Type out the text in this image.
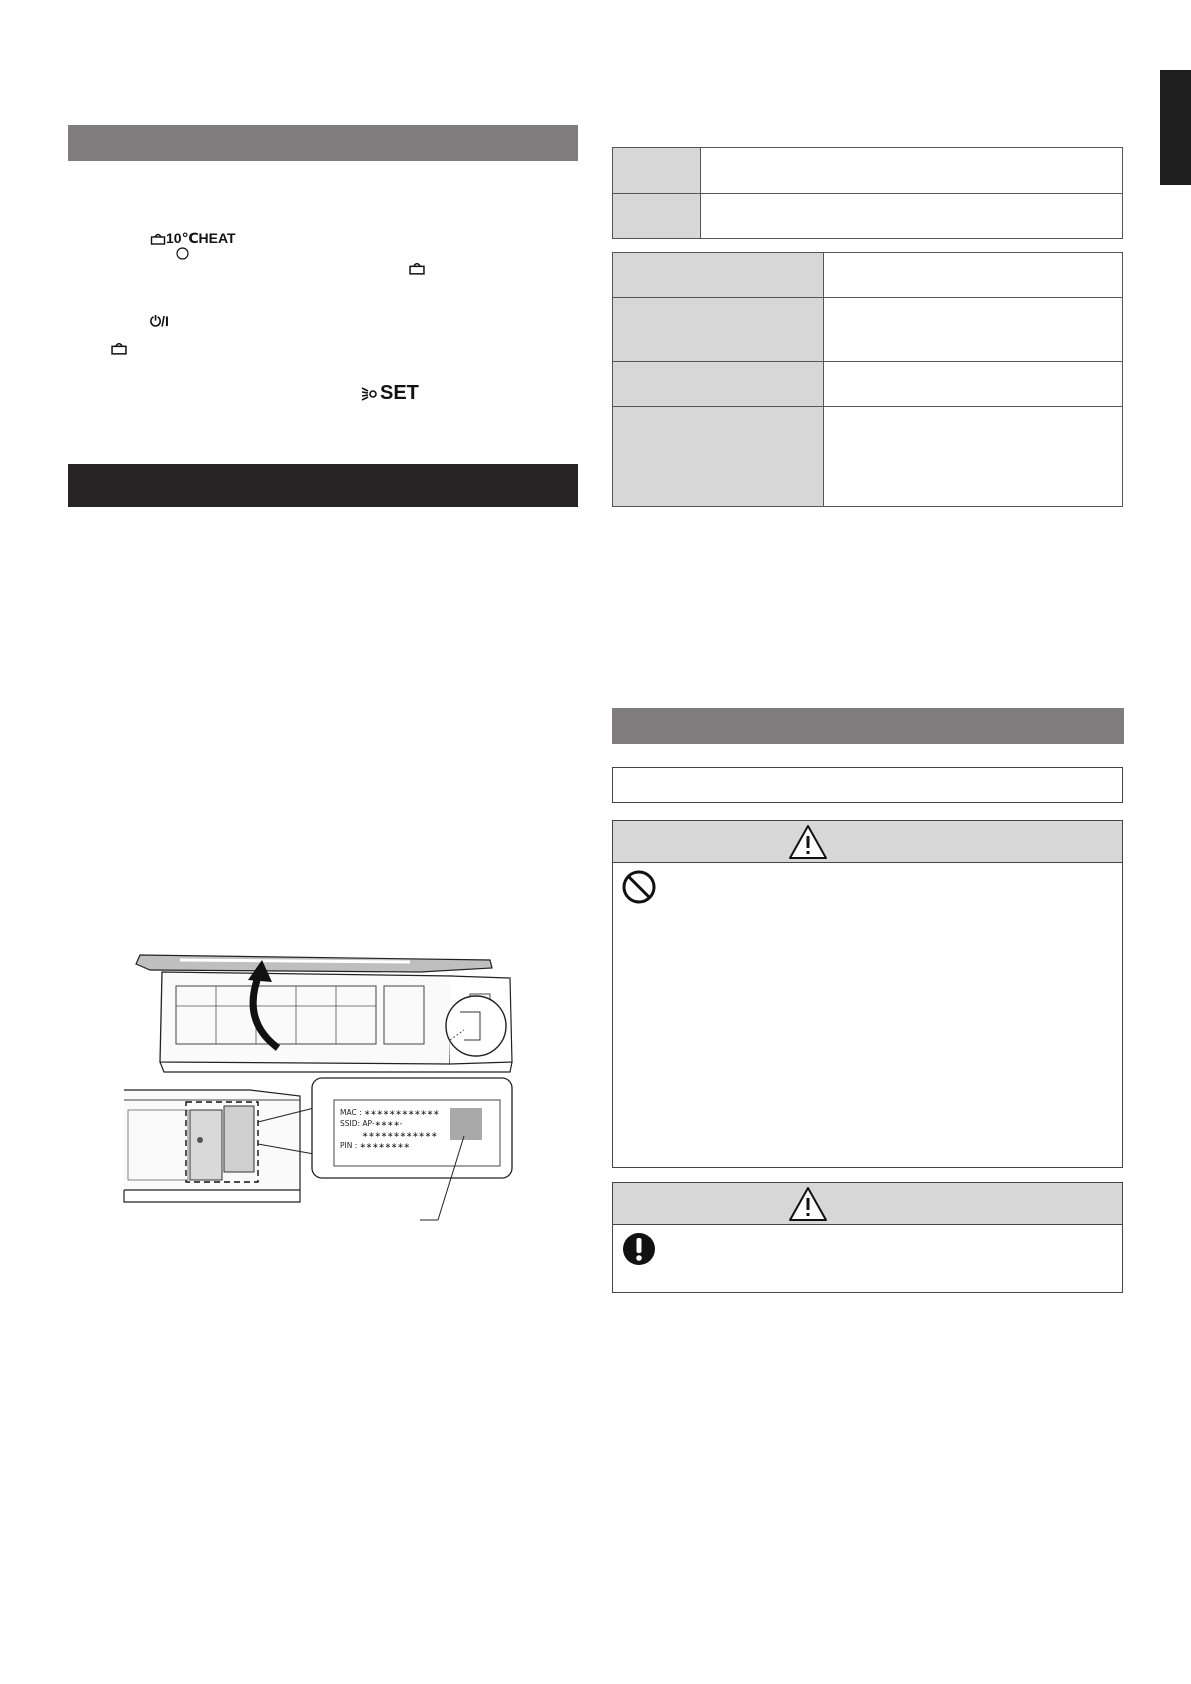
10℃HEAT
⏻/I
SET
MAC : ∗∗∗∗∗∗∗∗∗∗∗∗
SSID: AP-∗∗∗∗-
∗∗∗∗∗∗∗∗∗∗∗∗
PIN : ∗∗∗∗∗∗∗∗
